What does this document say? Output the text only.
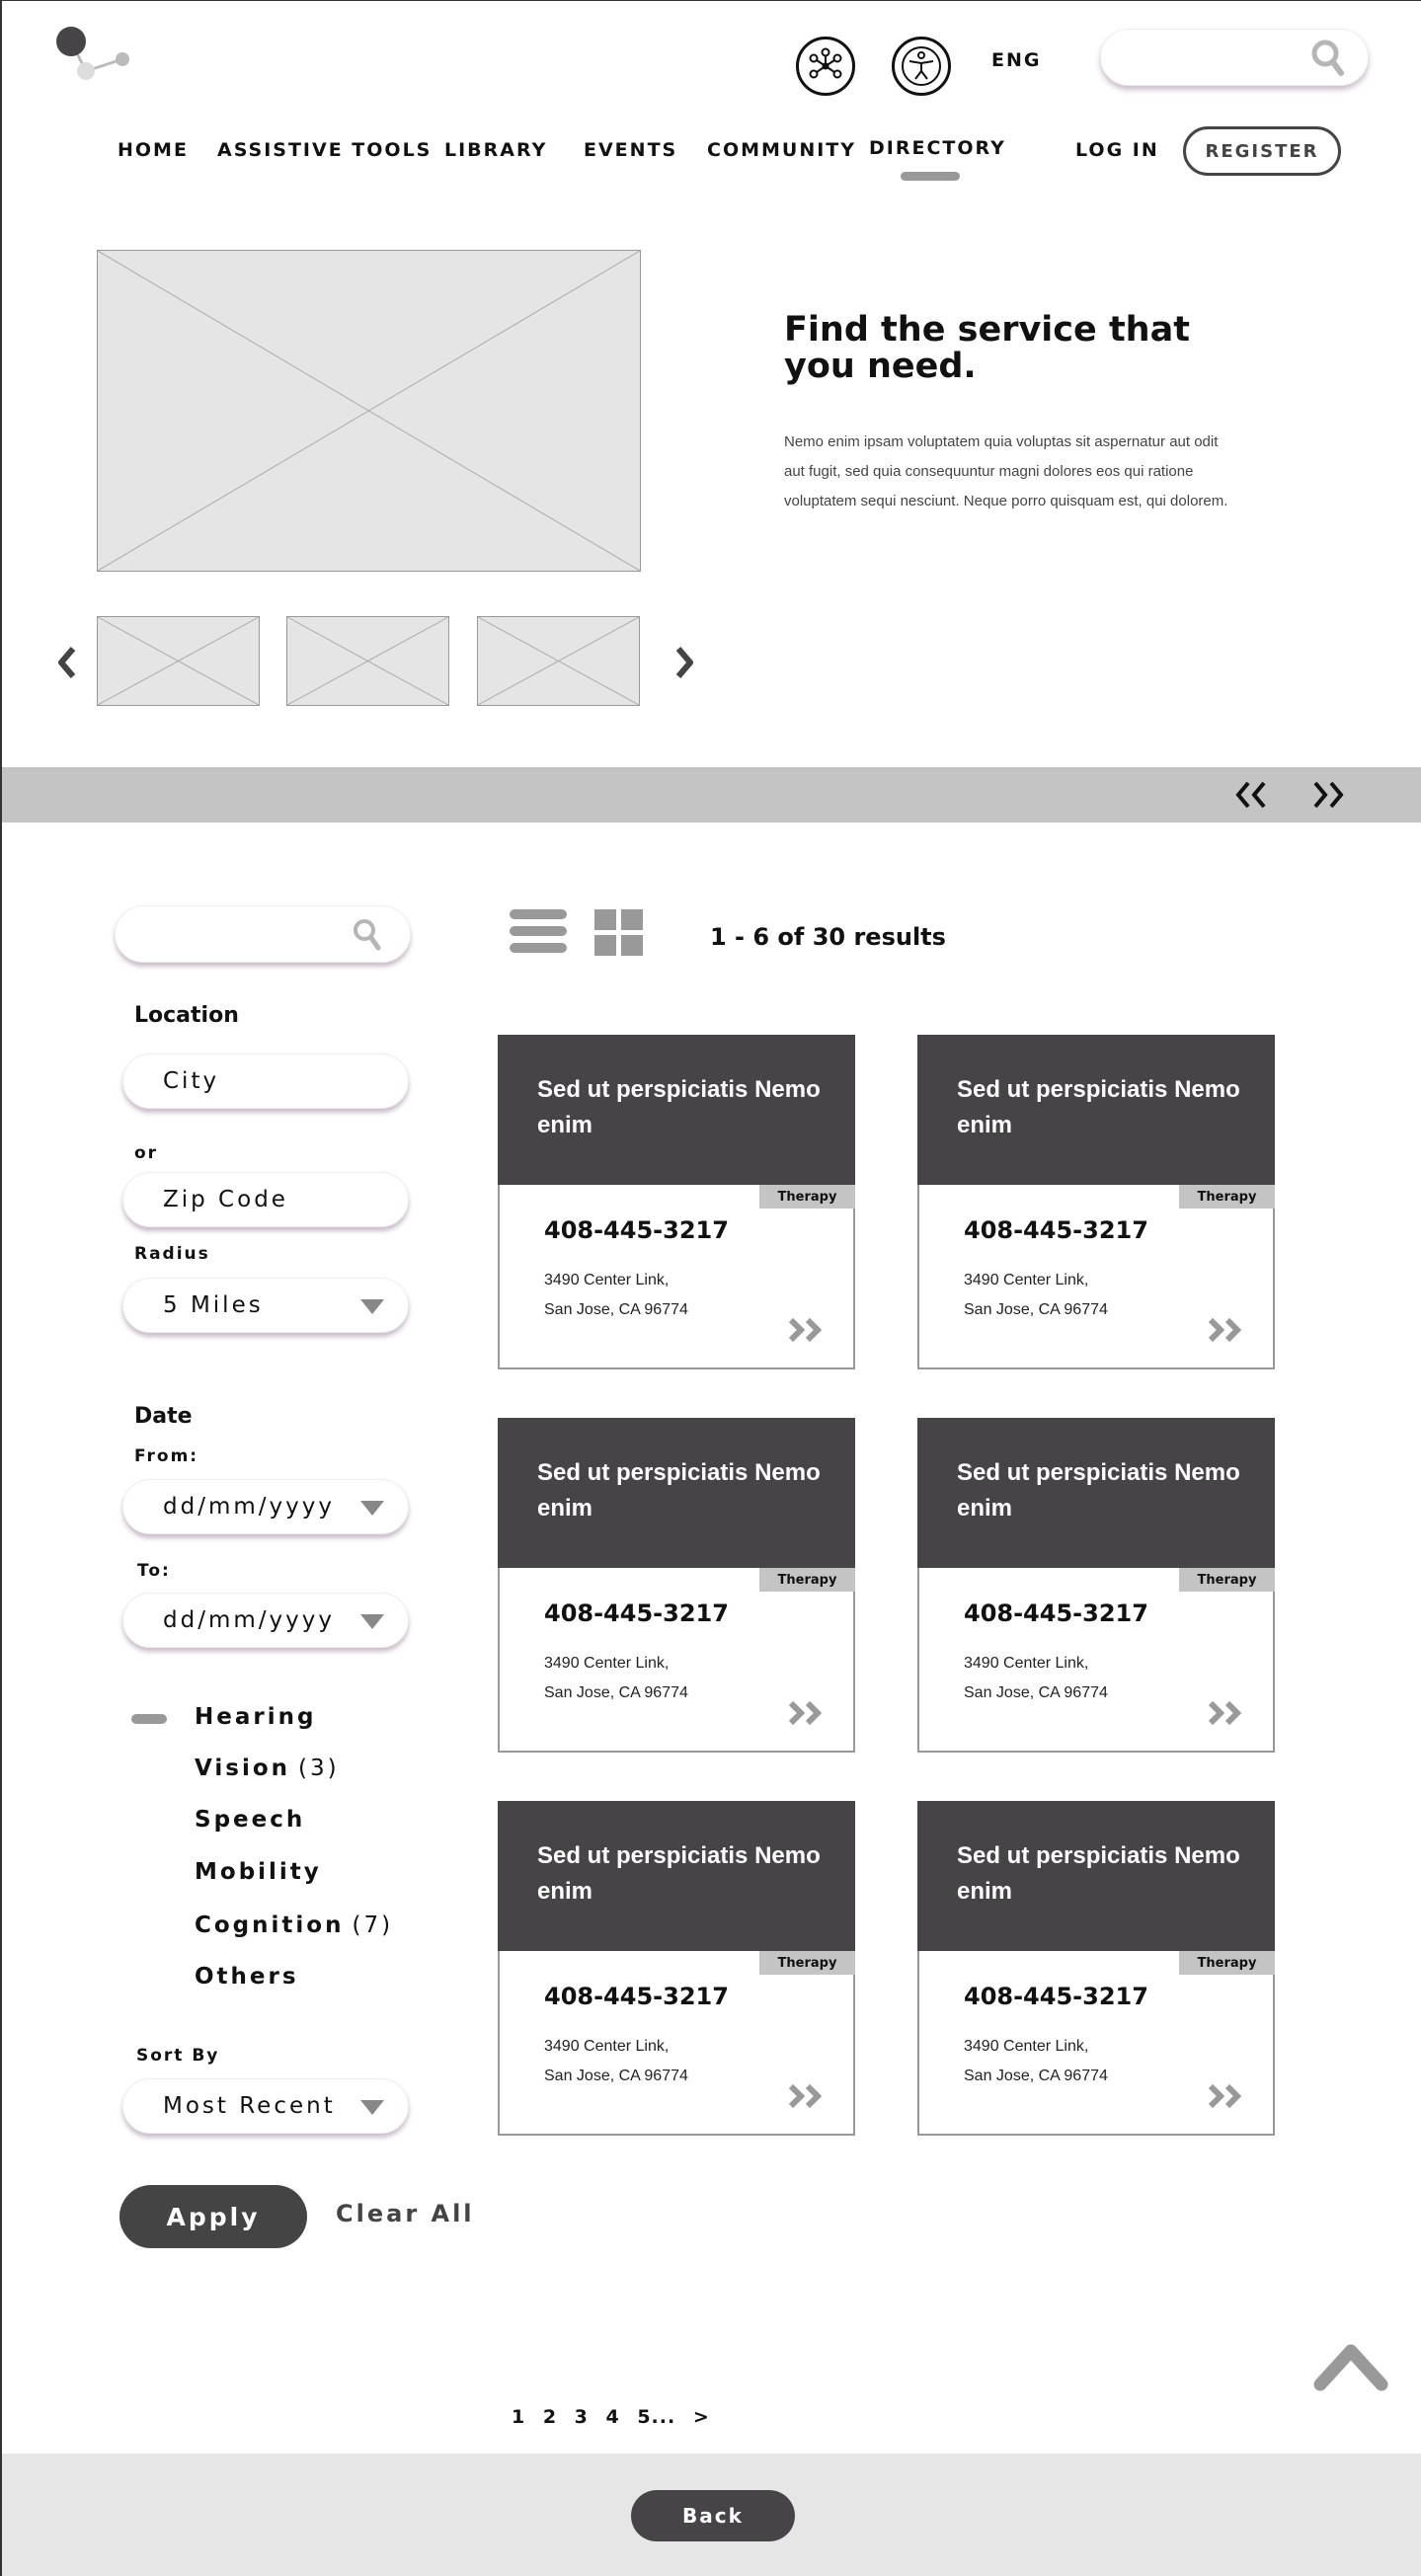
ENG
HOME ASSISTIVE TOOLS LIBRARY EVENTS COMMUNITY DIRECTORY	LOG IN	REGISTER
Find the service that you need.
Nemo enim ipsam voluptatem quia voluptas sit aspernatur aut odit aut fugit, sed quia consequuntur magni dolores eos qui ratione voluptatem sequi nesciunt. Neque porro quisquam est, qui dolorem.
Location
City
or
Zip Code
Radius
5 Miles
Date
From:
dd/mm/yyyy
To:
dd/mm/yyyy
Hearing
Vision (3)
Speech
Mobility
Cognition (7)
Others
Sort By
Most Recent
Apply	Clear All
1 - 6 of 30 results
Sed ut perspiciatis Nemo enim
Therapy
408-445-3217
3490 Center Link,
San Jose, CA 96774
Sed ut perspiciatis Nemo enim
Therapy
408-445-3217
3490 Center Link,
San Jose, CA 96774
Sed ut perspiciatis Nemo enim
Therapy
408-445-3217
3490 Center Link,
San Jose, CA 96774
Sed ut perspiciatis Nemo enim
Therapy
408-445-3217
3490 Center Link,
San Jose, CA 96774
Sed ut perspiciatis Nemo enim
Therapy
408-445-3217
3490 Center Link,
San Jose, CA 96774
Sed ut perspiciatis Nemo enim
Therapy
408-445-3217
3490 Center Link,
San Jose, CA 96774
1 2 3 4 5... >
Back
